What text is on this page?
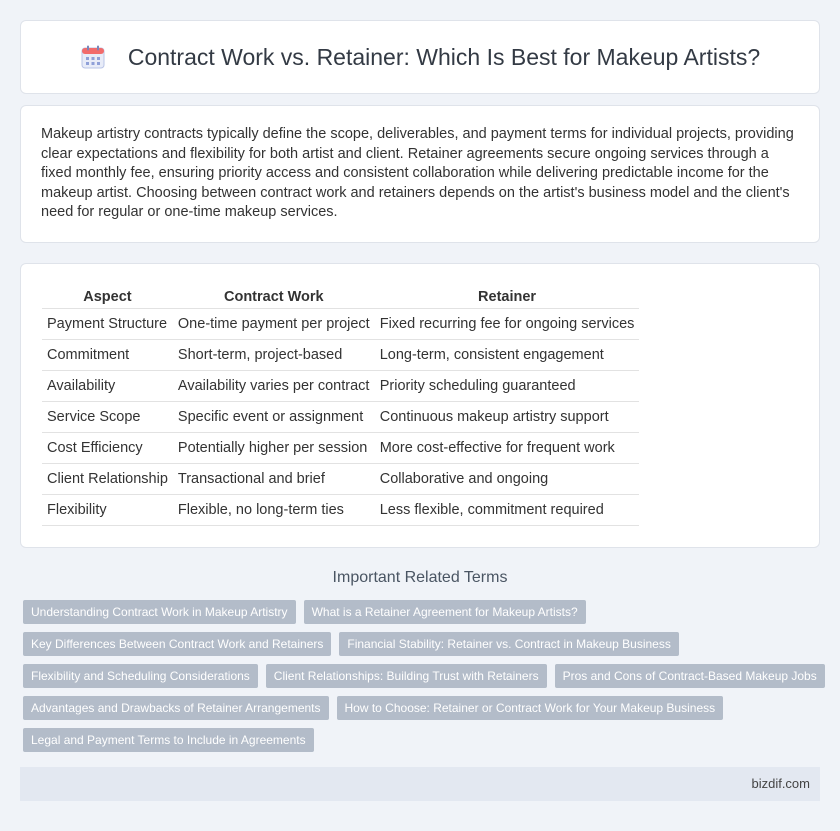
Contract Work vs. Retainer: Which Is Best for Makeup Artists?

Makeup artistry contracts typically define the scope, deliverables, and payment terms for individual projects, providing clear expectations and flexibility for both artist and client. Retainer agreements secure ongoing services through a fixed monthly fee, ensuring priority access and consistent collaboration while delivering predictable income for the makeup artist. Choosing between contract work and retainers depends on the artist's business model and the client's need for regular or one-time makeup services.

Aspect	Contract Work	Retainer
Payment Structure	One-time payment per project	Fixed recurring fee for ongoing services
Commitment	Short-term, project-based	Long-term, consistent engagement
Availability	Availability varies per contract	Priority scheduling guaranteed
Service Scope	Specific event or assignment	Continuous makeup artistry support
Cost Efficiency	Potentially higher per session	More cost-effective for frequent work
Client Relationship	Transactional and brief	Collaborative and ongoing
Flexibility	Flexible, no long-term ties	Less flexible, commitment required
Important Related Terms
Understanding Contract Work in Makeup Artistry	What is a Retainer Agreement for Makeup Artists?
Key Differences Between Contract Work and Retainers	Financial Stability: Retainer vs. Contract in Makeup Business
Flexibility and Scheduling Considerations	Client Relationships: Building Trust with Retainers	Pros and Cons of Contract-Based Makeup Jobs
Advantages and Drawbacks of Retainer Arrangements	How to Choose: Retainer or Contract Work for Your Makeup Business
Legal and Payment Terms to Include in Agreements
bizdif.com
